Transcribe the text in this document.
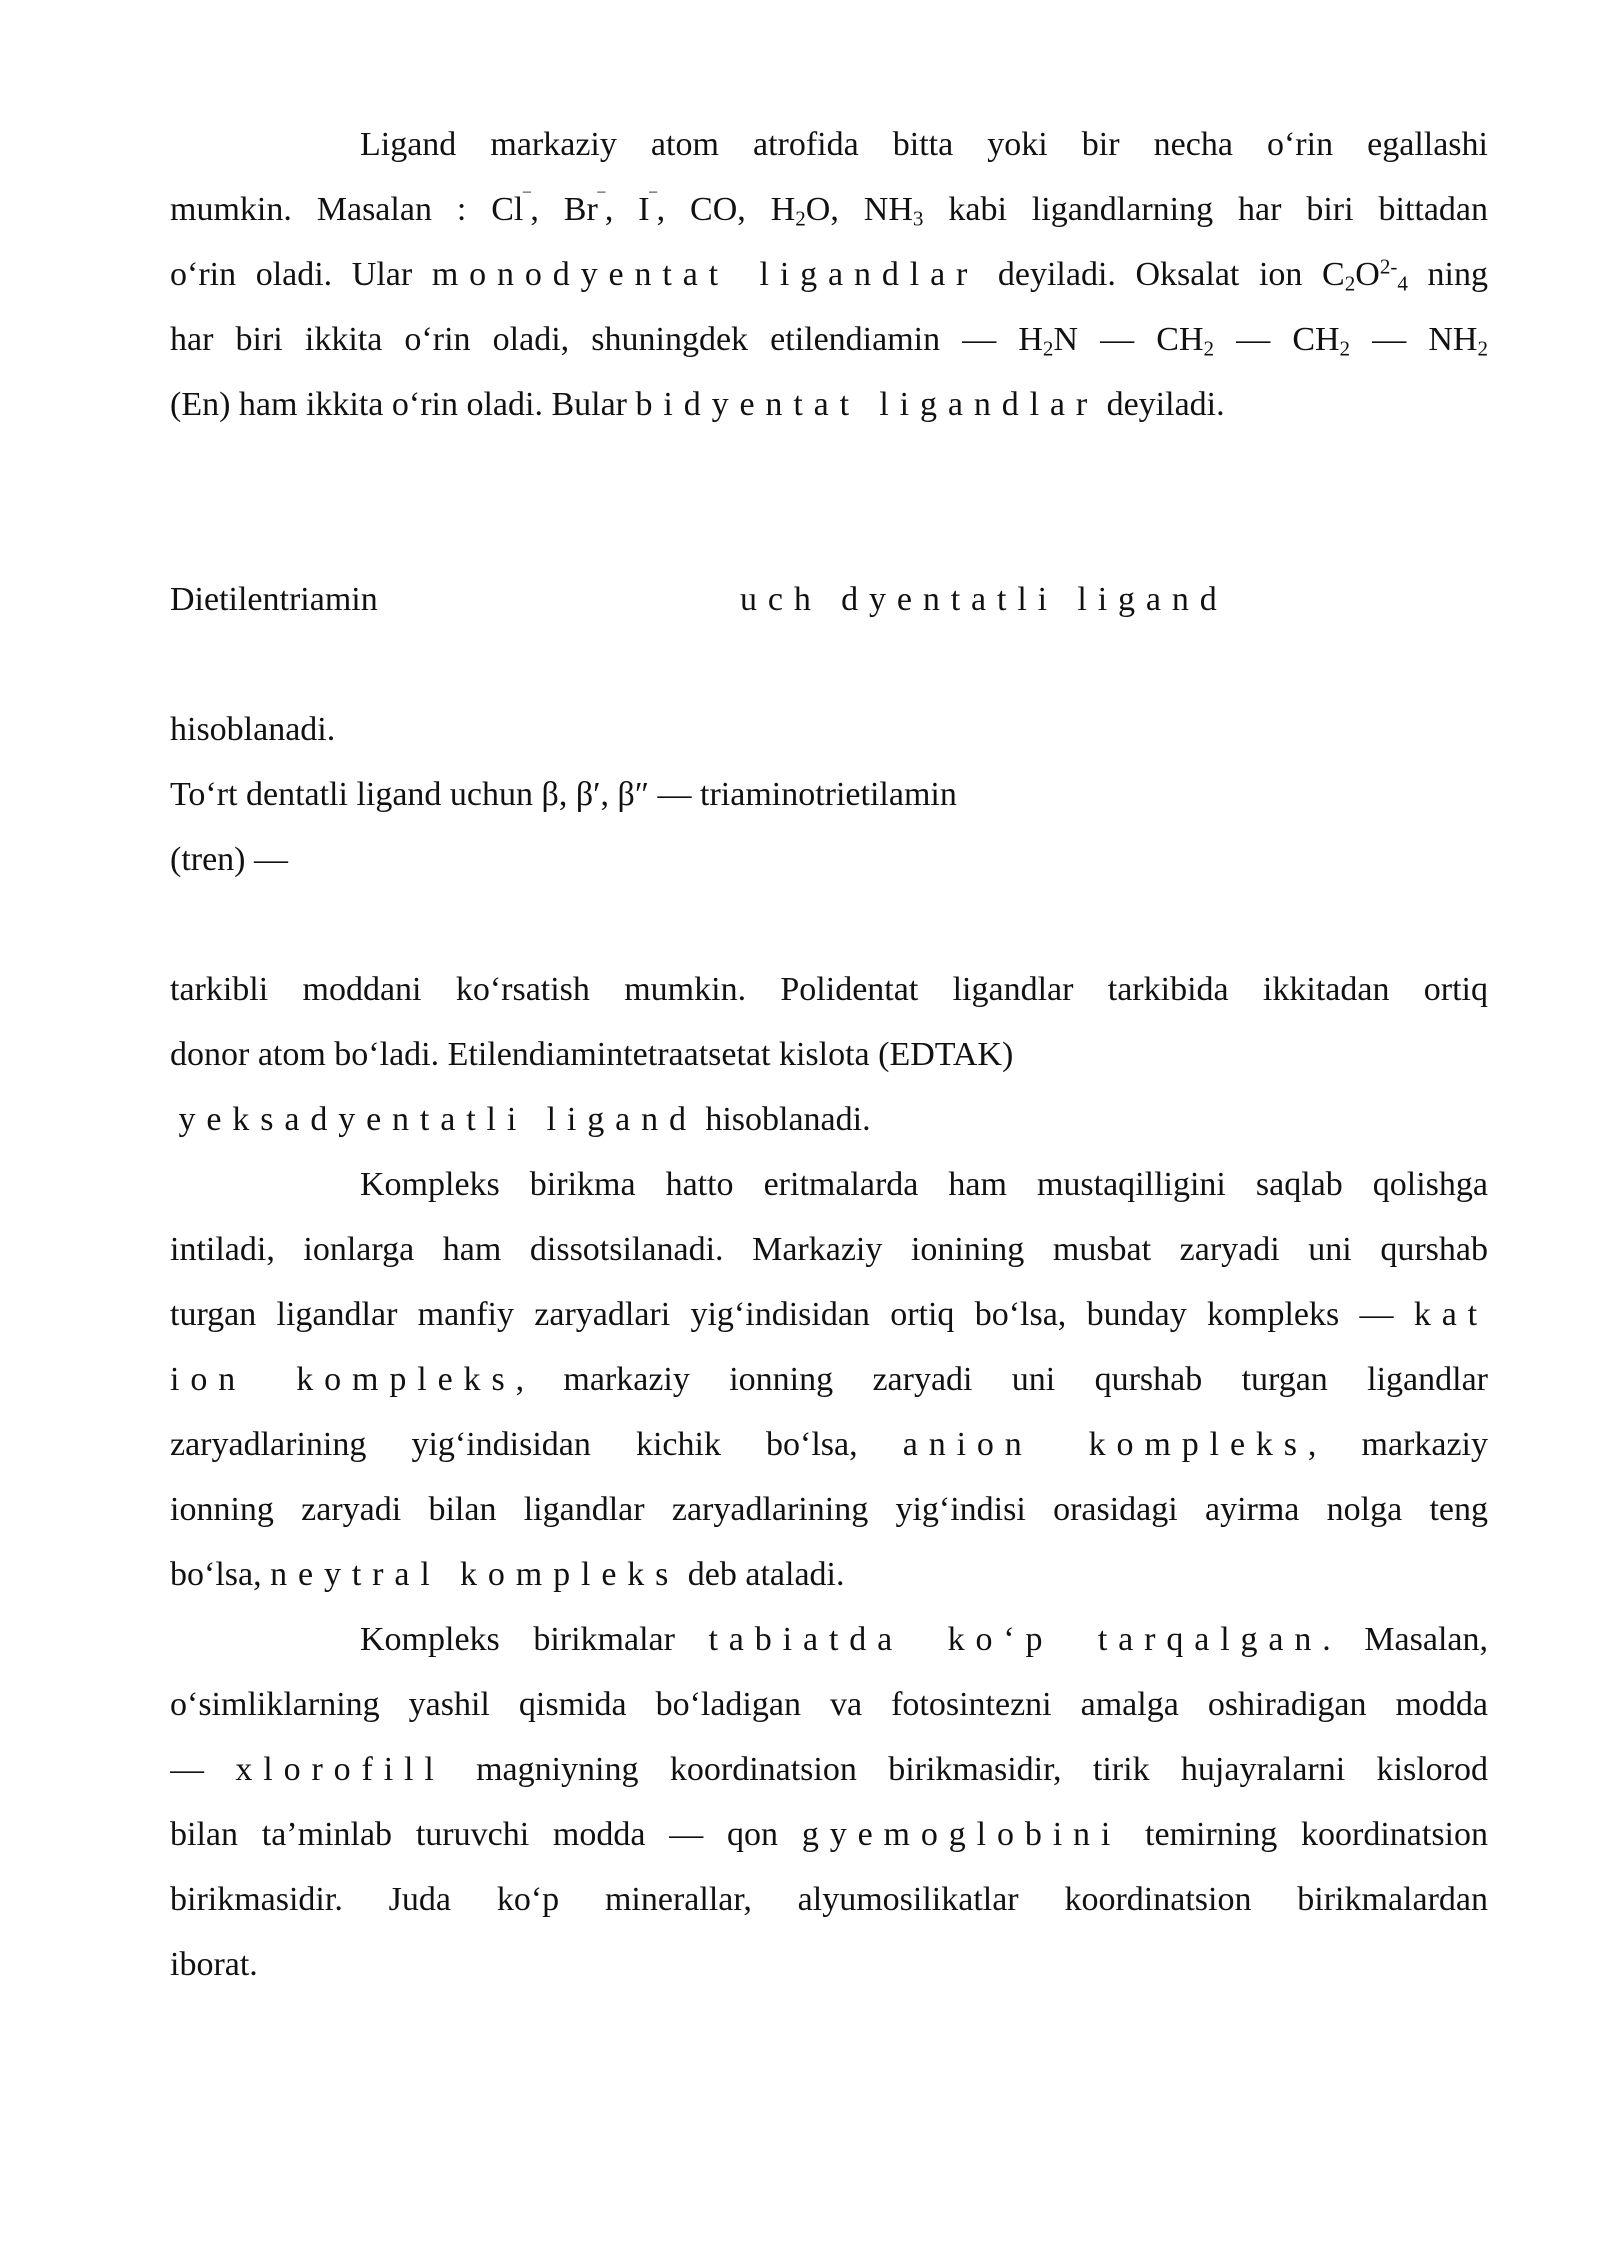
Ligand markaziy atom atrofida bitta yoki bir necha o‘rin egallashi
mumkin. Masalan : Cl‾, Br‾, I‾, CO, $H_2O$, $NH_3$ kabi ligandlarning har biri bittadan
o‘rin oladi. Ular monodyentat ligandlar deyiladi. Oksalat ion $C_2O^{2-}_4$ ning
har biri ikkita o‘rin oladi, shuningdek etilendiamin — $H_2N$ — $CH_2$ — $CH_2$ — $NH_2$
(En) ham ikkita o‘rin oladi. Bular bidyentat ligandlar deyiladi.
Dietilentriamin	uch dyentatli ligand
hisoblanadi.
To‘rt dentatli ligand uchun β, β′, β″ — triaminotrietilamin
(tren) —
tarkibli moddani ko‘rsatish mumkin. Polidentat ligandlar tarkibida ikkitadan ortiq
donor atom bo‘ladi. Etilendiamintetraatsetat kislota (EDTAK)
yeksadyentatli ligand hisoblanadi.
Kompleks birikma hatto eritmalarda ham mustaqilligini saqlab qolishga
intiladi, ionlarga ham dissotsilanadi. Markaziy ionining musbat zaryadi uni qurshab
turgan ligandlar manfiy zaryadlari yig‘indisidan ortiq bo‘lsa, bunday kompleks — kat
ion kompleks, markaziy ionning zaryadi uni qurshab turgan ligandlar
zaryadlarining yig‘indisidan kichik bo‘lsa, anion kompleks, markaziy
ionning zaryadi bilan ligandlar zaryadlarining yig‘indisi orasidagi ayirma nolga teng
bo‘lsa, neytral kompleks deb ataladi.
Kompleks birikmalar tabiatda ko‘p tarqalgan. Masalan,
o‘simliklarning yashil qismida bo‘ladigan va fotosintezni amalga oshiradigan modda
— xlorofill magniyning koordinatsion birikmasidir, tirik hujayralarni kislorod
bilan ta’minlab turuvchi modda — qon gyemoglobini temirning koordinatsion
birikmasidir. Juda ko‘p minerallar, alyumosilikatlar koordinatsion birikmalardan
iborat.
